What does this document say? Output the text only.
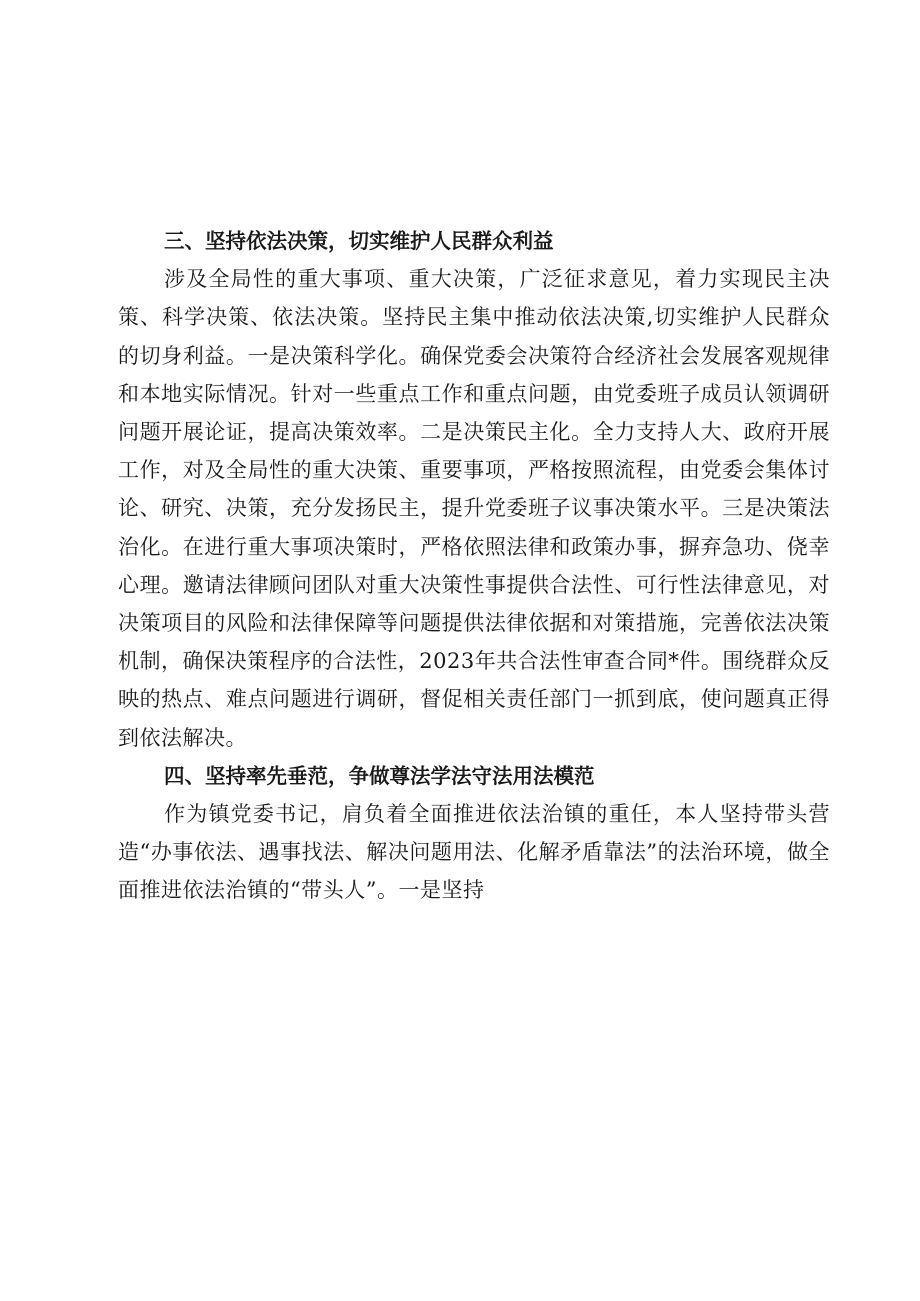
三、坚持依法决策，切实维护人民群众利益

涉及全局性的重大事项、重大决策，广泛征求意见，着力实现民主决策、科学决策、依法决策。坚持民主集中推动依法决策,切实维护人民群众的切身利益。一是决策科学化。确保党委会决策符合经济社会发展客观规律和本地实际情况。针对一些重点工作和重点问题，由党委班子成员认领调研问题开展论证，提高决策效率。二是决策民主化。全力支持人大、政府开展工作，对及全局性的重大决策、重要事项，严格按照流程，由党委会集体讨论、研究、决策，充分发扬民主，提升党委班子议事决策水平。三是决策法治化。在进行重大事项决策时，严格依照法律和政策办事，摒弃急功、侥幸心理。邀请法律顾问团队对重大决策性事提供合法性、可行性法律意见，对决策项目的风险和法律保障等问题提供法律依据和对策措施，完善依法决策机制，确保决策程序的合法性，2023年共合法性审查合同*件。围绕群众反映的热点、难点问题进行调研，督促相关责任部门一抓到底，使问题真正得到依法解决。

四、坚持率先垂范，争做尊法学法守法用法模范

作为镇党委书记，肩负着全面推进依法治镇的重任，本人坚持带头营造“办事依法、遇事找法、解决问题用法、化解矛盾靠法”的法治环境，做全面推进依法治镇的“带头人”。一是坚持
